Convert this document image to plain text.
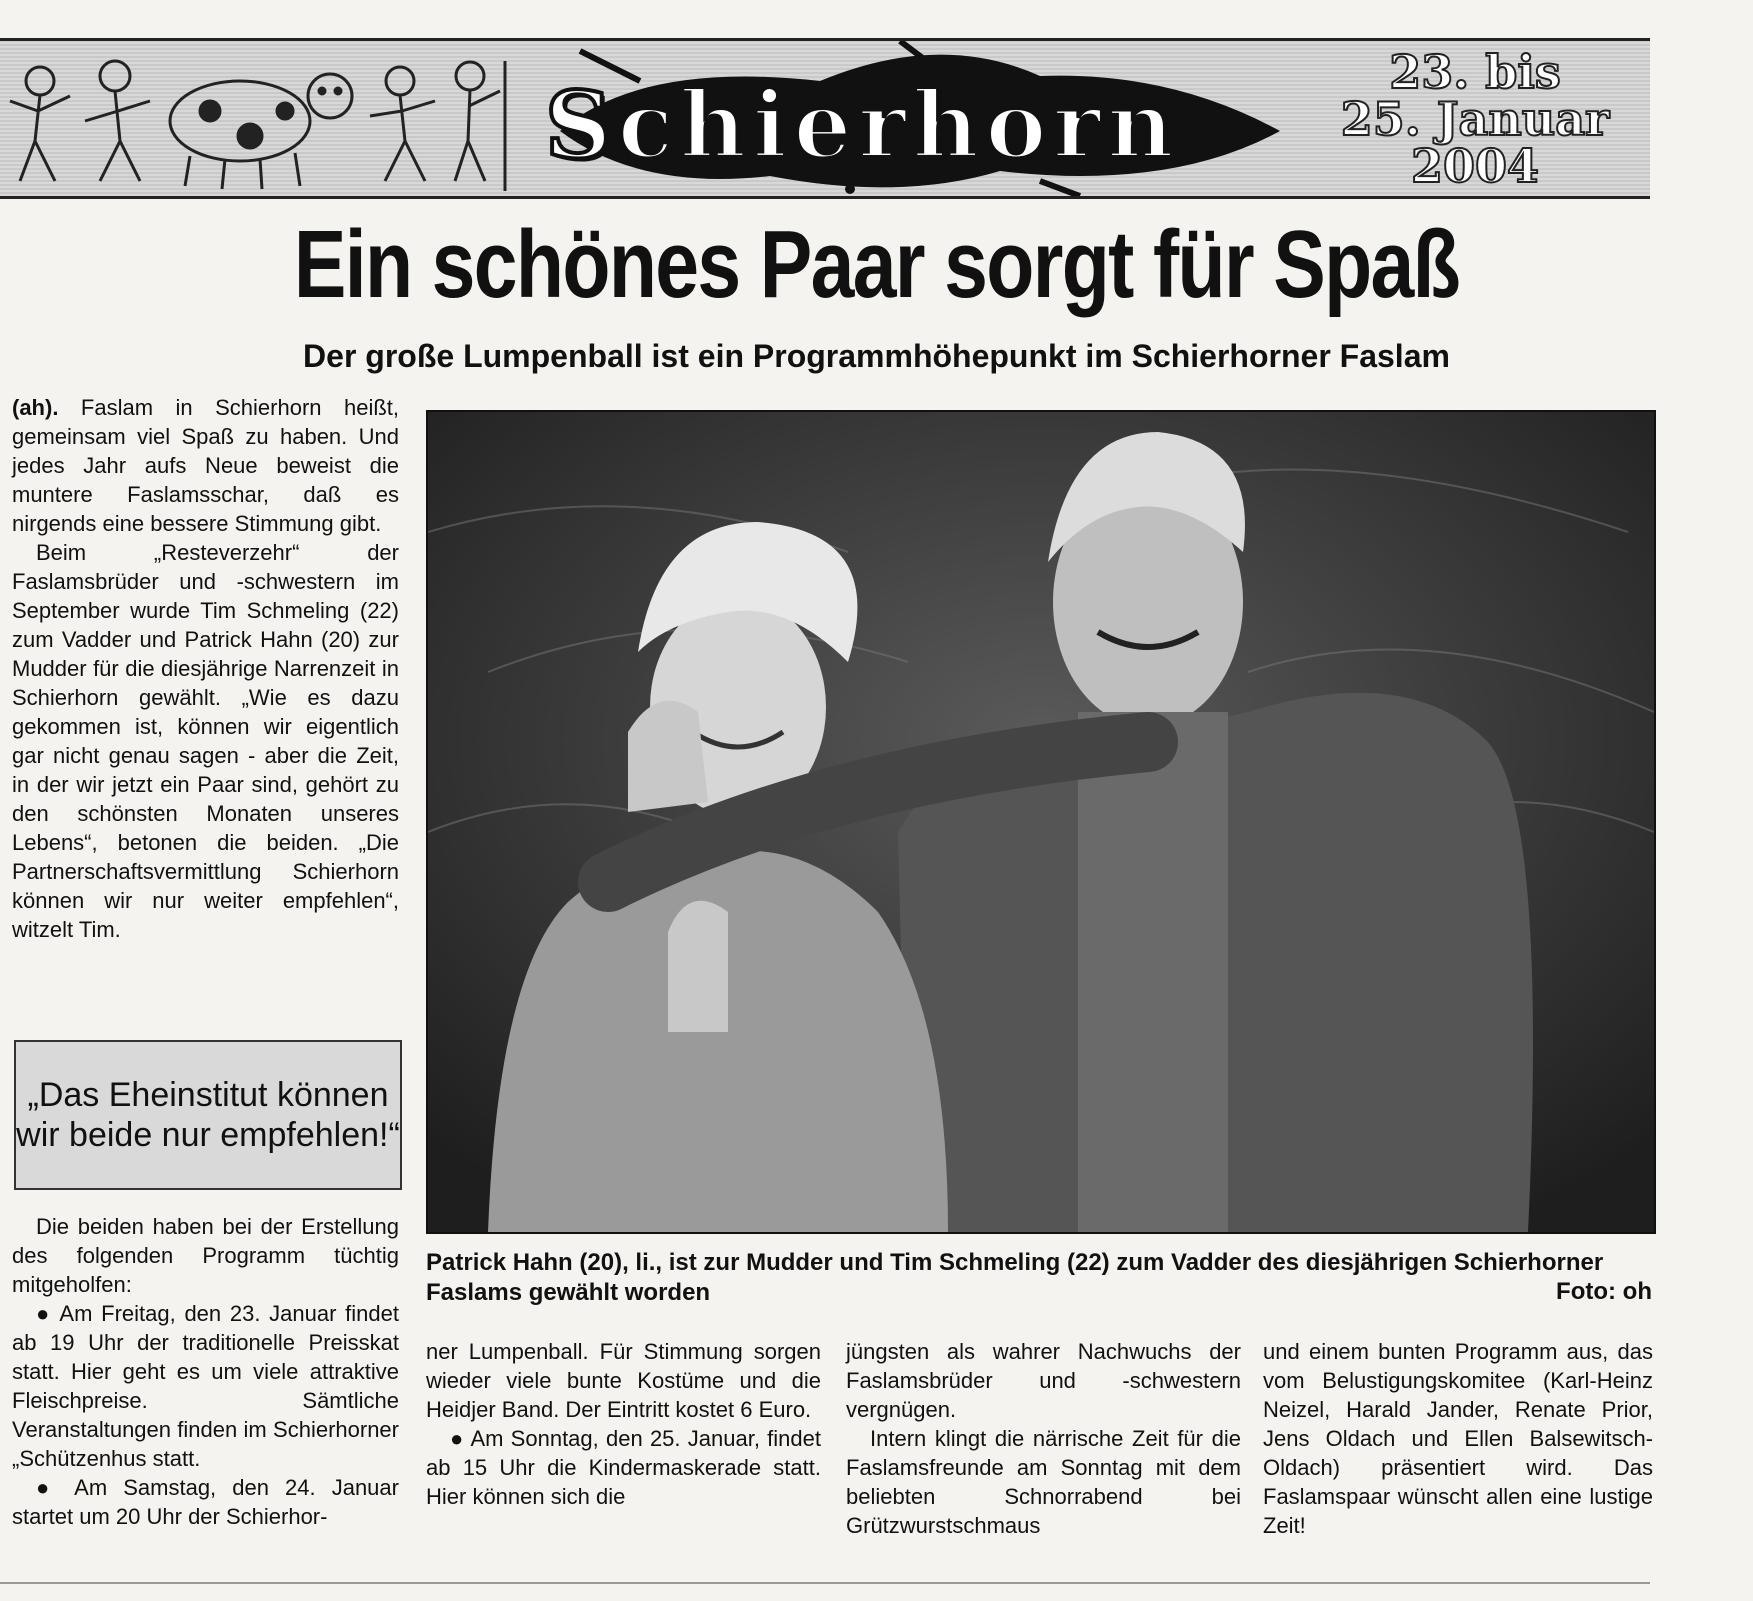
Schierhorn	23. bis
25. Januar
2004
Ein schönes Paar sorgt für Spaß
Der große Lumpenball ist ein Programmhöhepunkt im Schierhorner Faslam

(ah). Faslam in Schierhorn heißt, gemeinsam viel Spaß zu haben. Und jedes Jahr aufs Neue beweist die muntere Faslamsschar, daß es nirgends eine bessere Stimmung gibt.

Beim „Resteverzehr“ der Faslamsbrüder und -schwestern im September wurde Tim Schmeling (22) zum Vadder und Patrick Hahn (20) zur Mudder für die diesjährige Narrenzeit in Schierhorn gewählt. „Wie es dazu gekommen ist, können wir eigentlich gar nicht genau sagen - aber die Zeit, in der wir jetzt ein Paar sind, gehört zu den schönsten Monaten unseres Lebens“, betonen die beiden. „Die Partnerschaftsvermittlung Schierhorn können wir nur weiter empfehlen“, witzelt Tim.

„Das Eheinstitut können wir beide nur empfehlen!“

Die beiden haben bei der Erstellung des folgenden Programm tüchtig mitgeholfen:

● Am Freitag, den 23. Januar findet ab 19 Uhr der traditionelle Preisskat statt. Hier geht es um viele attraktive Fleischpreise. Sämtliche Veranstaltungen finden im Schierhorner „Schützenhus statt.

● Am Samstag, den 24. Januar startet um 20 Uhr der Schierhor-

Patrick Hahn (20), li., ist zur Mudder und Tim Schmeling (22) zum Vadder des diesjährigen Schierhorner Faslams gewählt worden	Foto: oh

ner Lumpenball. Für Stimmung sorgen wieder viele bunte Kostüme und die Heidjer Band. Der Eintritt kostet 6 Euro.

● Am Sonntag, den 25. Januar, findet ab 15 Uhr die Kindermaskerade statt. Hier können sich die

jüngsten als wahrer Nachwuchs der Faslamsbrüder und -schwestern vergnügen.

Intern klingt die närrische Zeit für die Faslamsfreunde am Sonntag mit dem beliebten Schnorrabend bei Grützwurstschmaus

und einem bunten Programm aus, das vom Belustigungskomitee (Karl-Heinz Neizel, Harald Jander, Renate Prior, Jens Oldach und Ellen Balsewitsch-Oldach) präsentiert wird. Das Faslamspaar wünscht allen eine lustige Zeit!
